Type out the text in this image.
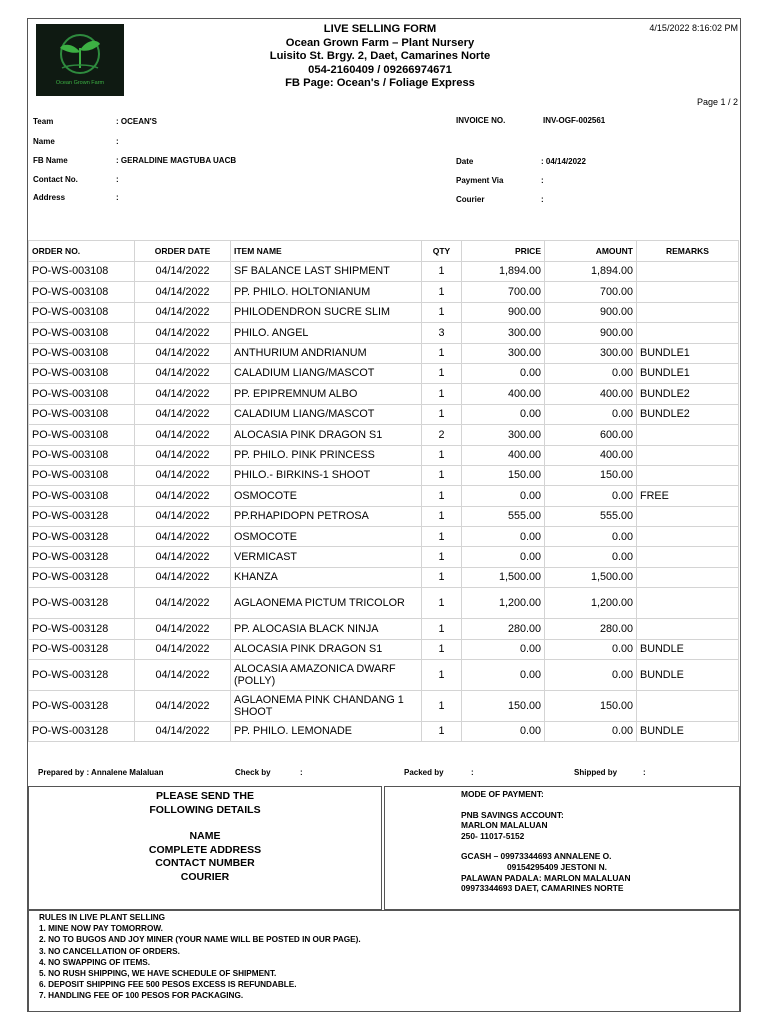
Ocean Grown Farm
LIVE SELLING FORM
Ocean Grown Farm – Plant Nursery
Luisito St. Brgy. 2, Daet, Camarines Norte
054-2160409 / 09266974671
FB Page: Ocean's / Foliage Express
4/15/2022 8:16:02 PM
Page 1 / 2
Team	: OCEAN'S
Name	:
FB Name	: GERALDINE MAGTUBA UACB
Contact No.	:
Address	:
INVOICE NO.	INV-OGF-002561
Date	: 04/14/2022
Payment Via	:
Courier	:
ORDER NO.	ORDER DATE	ITEM NAME	QTY	PRICE	AMOUNT	REMARKS
PO-WS-003108	04/14/2022	SF BALANCE LAST SHIPMENT	1	1,894.00	1,894.00	
PO-WS-003108	04/14/2022	PP. PHILO. HOLTONIANUM	1	700.00	700.00	
PO-WS-003108	04/14/2022	PHILODENDRON SUCRE SLIM	1	900.00	900.00	
PO-WS-003108	04/14/2022	PHILO. ANGEL	3	300.00	900.00	
PO-WS-003108	04/14/2022	ANTHURIUM ANDRIANUM	1	300.00	300.00	BUNDLE1
PO-WS-003108	04/14/2022	CALADIUM LIANG/MASCOT	1	0.00	0.00	BUNDLE1
PO-WS-003108	04/14/2022	PP. EPIPREMNUM ALBO	1	400.00	400.00	BUNDLE2
PO-WS-003108	04/14/2022	CALADIUM LIANG/MASCOT	1	0.00	0.00	BUNDLE2
PO-WS-003108	04/14/2022	ALOCASIA PINK DRAGON S1	2	300.00	600.00	
PO-WS-003108	04/14/2022	PP. PHILO. PINK PRINCESS	1	400.00	400.00	
PO-WS-003108	04/14/2022	PHILO.- BIRKINS-1 SHOOT	1	150.00	150.00	
PO-WS-003108	04/14/2022	OSMOCOTE	1	0.00	0.00	FREE
PO-WS-003128	04/14/2022	PP.RHAPIDOPN PETROSA	1	555.00	555.00	
PO-WS-003128	04/14/2022	OSMOCOTE	1	0.00	0.00	
PO-WS-003128	04/14/2022	VERMICAST	1	0.00	0.00	
PO-WS-003128	04/14/2022	KHANZA	1	1,500.00	1,500.00	
PO-WS-003128	04/14/2022	AGLAONEMA PICTUM TRICOLOR	1	1,200.00	1,200.00	
PO-WS-003128	04/14/2022	PP. ALOCASIA BLACK NINJA	1	280.00	280.00	
PO-WS-003128	04/14/2022	ALOCASIA PINK DRAGON S1	1	0.00	0.00	BUNDLE
PO-WS-003128	04/14/2022	ALOCASIA AMAZONICA DWARF (POLLY)	1	0.00	0.00	BUNDLE
PO-WS-003128	04/14/2022	AGLAONEMA PINK CHANDANG 1 SHOOT	1	150.00	150.00	
PO-WS-003128	04/14/2022	PP. PHILO. LEMONADE	1	0.00	0.00	BUNDLE
Prepared by : Annalene Malaluan	Check by	:	Packed by	:	Shipped by	:
PLEASE SEND THE
FOLLOWING DETAILS
NAME
COMPLETE ADDRESS
CONTACT NUMBER
COURIER
MODE OF PAYMENT:
PNB SAVINGS ACCOUNT:
MARLON MALALUAN
250- 11017-5152
GCASH – 09973344693 ANNALENE O.
09154295409 JESTONI N.
PALAWAN PADALA: MARLON MALALUAN
09973344693 DAET, CAMARINES NORTE
RULES IN LIVE PLANT SELLING
1. MINE NOW PAY TOMORROW.
2. NO TO BUGOS AND JOY MINER (YOUR NAME WILL BE POSTED IN OUR PAGE).
3. NO CANCELLATION OF ORDERS.
4. NO SWAPPING OF ITEMS.
5. NO RUSH SHIPPING, WE HAVE SCHEDULE OF SHIPMENT.
6. DEPOSIT SHIPPING FEE 500 PESOS EXCESS IS REFUNDABLE.
7. HANDLING FEE OF 100 PESOS FOR PACKAGING.
